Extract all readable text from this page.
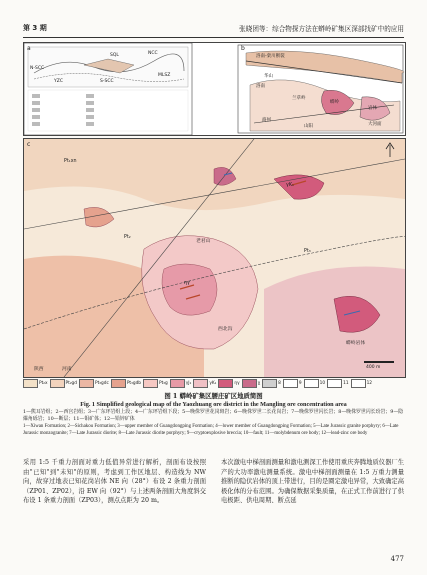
第 3 期	张晓团等：综合物探方法在蟒岭矿集区深部找矿中的应用
a	b
NCC
YZC
SQL
N-SCC
S-SCC
MLSZ
洛南-栾川断裂
华山
蟒岭
兰草岭
大河面
岩体
洛南
商州
山阳
c
Pt₁xn
Pt₂
Pt₃
ηγ
γK₁
老君山
西北沟
蟒岭岩体
陕西	河南	400 m
Pt₂x	Pt₂gd	Pt₃gdc	Pt₃gdb	Pt₃g	γJ₁	γK₁	ηγ	χ	8	9	10	11	12
图 1 蟒岭矿集区腰庄矿区地质简图
Fig. 1 Simplified geological map of the Yaozhuang ore district in the Mangling ore concentration area
1—熊耳岩组；2—西宫岩组；3—广东坪岩组上段；4—广东坪岩组下段；5—晚侏罗世花岗斑岩；6—晚侏罗世二长花岗岩；7—晚侏罗世闪长岩；8—晚侏罗世闪长玢岩；9—隐爆角砾岩；10—断层；11—钼矿体；12—铅锌矿体
1—Xiwan Formation; 2—Sichakou Formation; 3—upper member of Guangdongping Formation; 4—lower member of Guangdongping Formation; 5—Late Jurassic granite porphyry; 6—Late Jurassic monzogranite; 7—Late Jurassic diorite; 8—Late Jurassic diorite porphyry; 9—cryptoexplosive breccia; 10—fault; 11—molybdenum ore body; 12—lead-zinc ore body
采用 1:5 千重力剖面对重力低值异常进行解析，剖面布设按照由"已知"到"未知"的原则，考虑到工作区地层、构造线为 NW 向，故穿过地表已知花岗岩体 NE 向（28°）布设 2 条重力剖面（ZP01、ZP02），沿 EW 向（92°）与上述两条剖面大角度斜交布设 1 条重力剖面（ZP03），测点点距为 20 m。
本次激电中梯剖面测量和激电测深工作使用重庆奔腾地质仪器厂生产的大功率激电测量系统。激电中梯剖面测量在 1:5 万重力测量推断的隐伏岩体的顶上带进行，目的是圈定激电异常，大致确定高极化体的分布范围。为确保数据采集质量，在正式工作前进行了供电极距、供电周期、断点延
477
